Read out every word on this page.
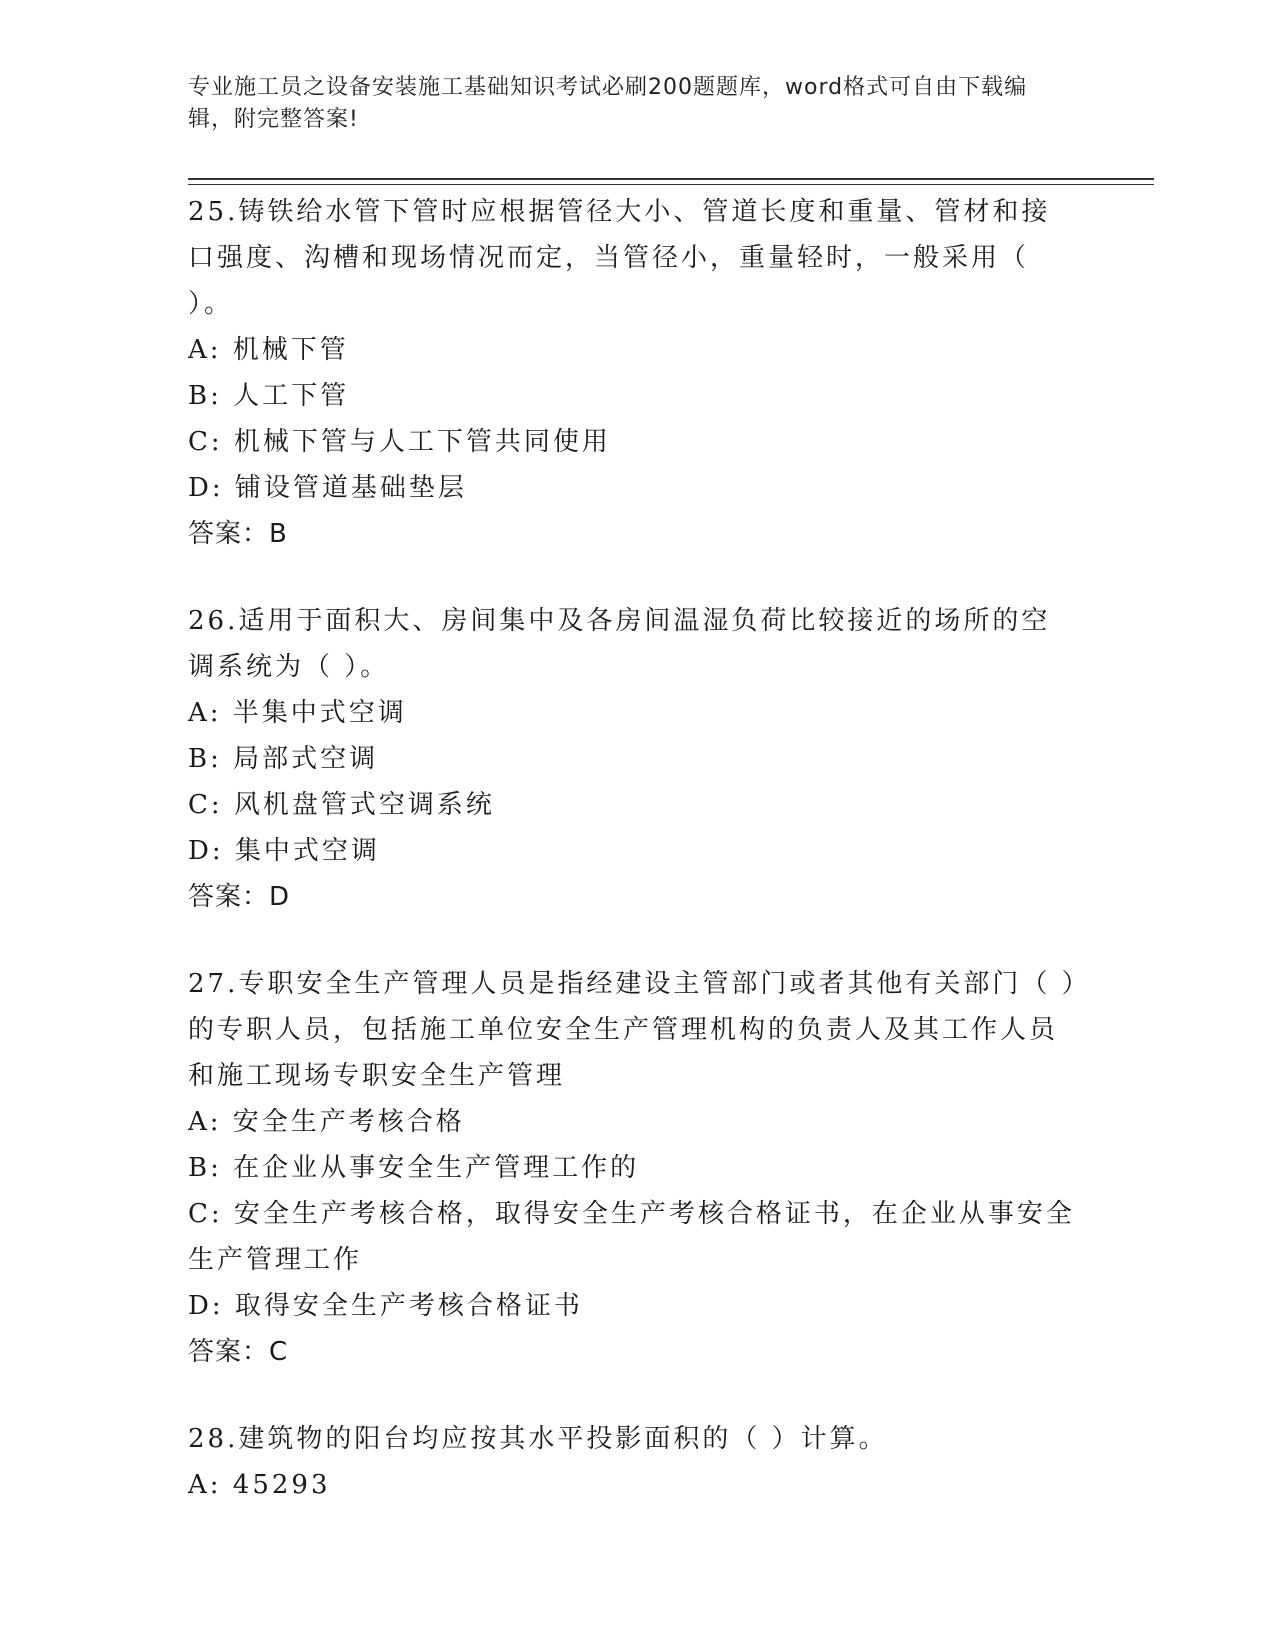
专业施工员之设备安装施工基础知识考试必刷200题题库，word格式可自由下载编辑，附完整答案!

25.铸铁给水管下管时应根据管径大小、管道长度和重量、管材和接口强度、沟槽和现场情况而定，当管径小，重量轻时，一般采用（ ）。

A: 机械下管

B: 人工下管

C: 机械下管与人工下管共同使用

D: 铺设管道基础垫层

答案：B

26.适用于面积大、房间集中及各房间温湿负荷比较接近的场所的空调系统为（ ）。

A: 半集中式空调

B: 局部式空调

C: 风机盘管式空调系统

D: 集中式空调

答案：D

27.专职安全生产管理人员是指经建设主管部门或者其他有关部门（ ）的专职人员，包括施工单位安全生产管理机构的负责人及其工作人员和施工现场专职安全生产管理

A: 安全生产考核合格

B: 在企业从事安全生产管理工作的

C: 安全生产考核合格，取得安全生产考核合格证书，在企业从事安全生产管理工作

D: 取得安全生产考核合格证书

答案：C

28.建筑物的阳台均应按其水平投影面积的（ ）计算。

A: 45293
